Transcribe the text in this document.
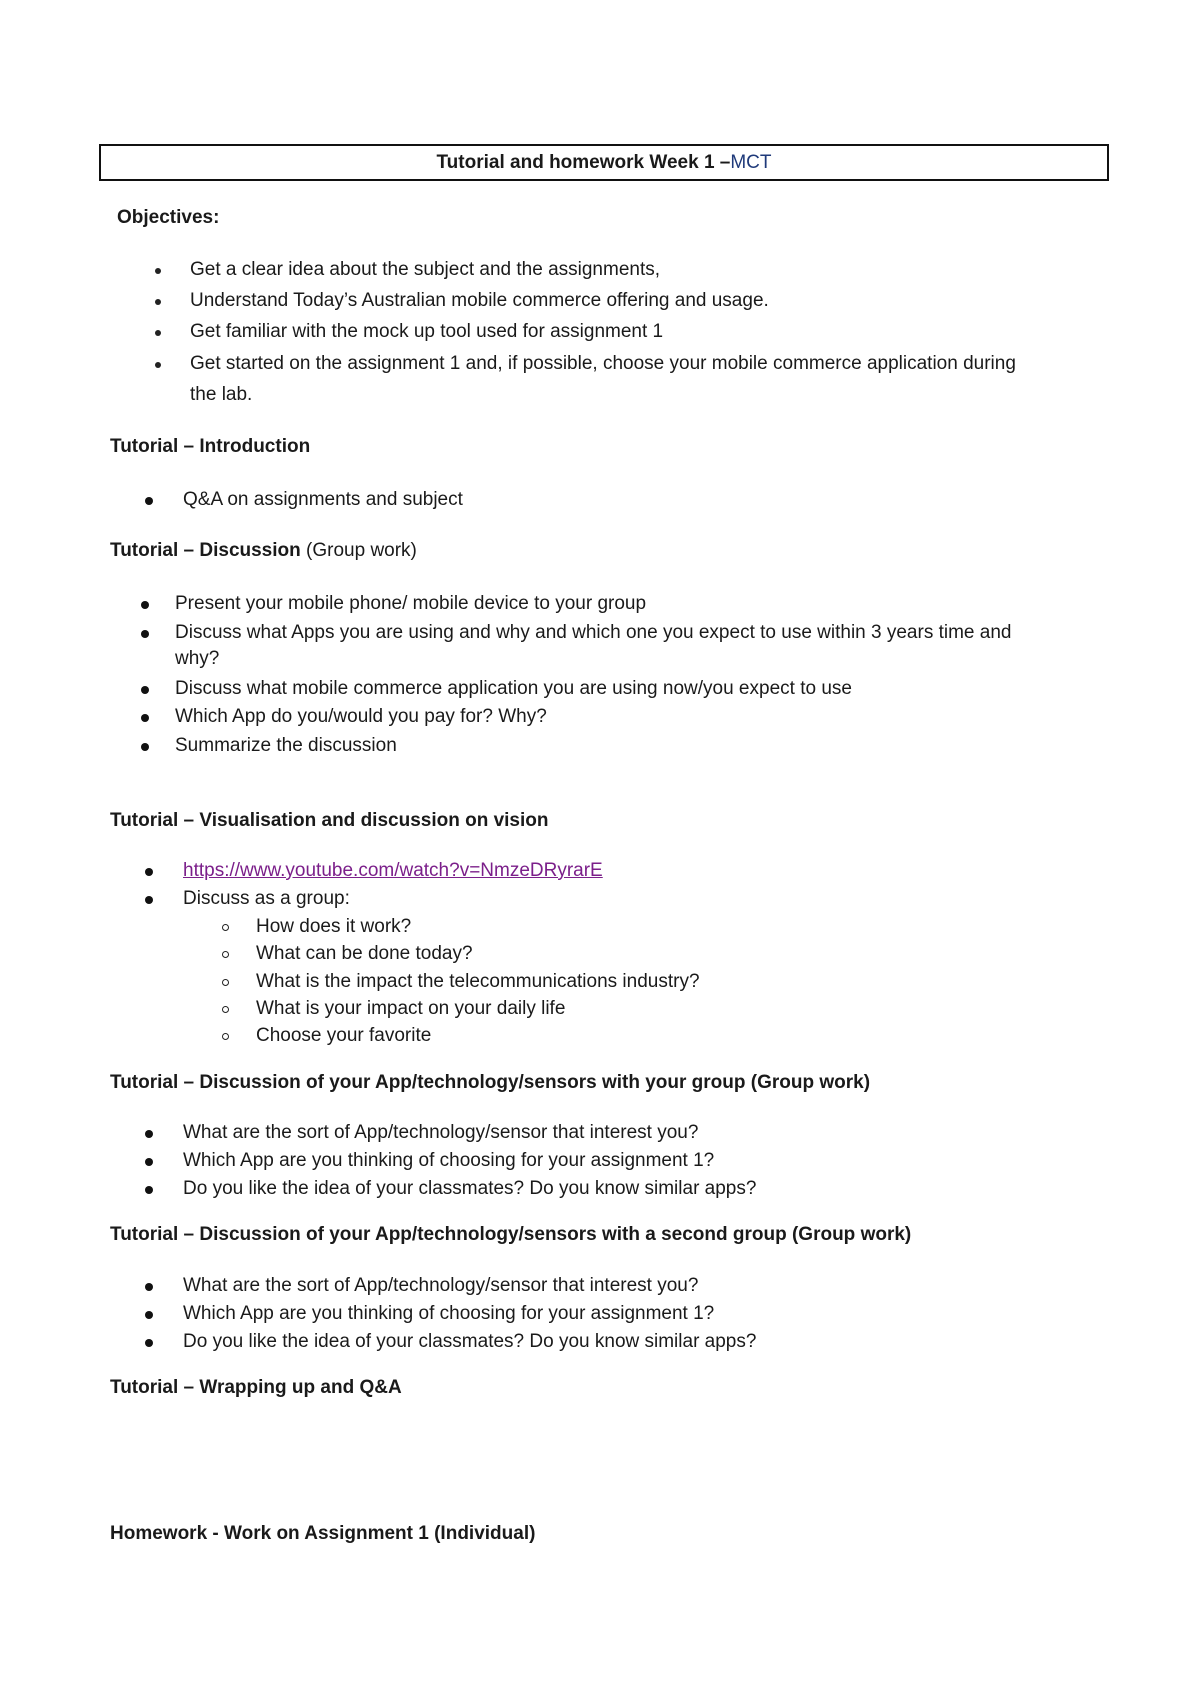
Tutorial and homework Week 1 – MCT
Objectives:
Get a clear idea about the subject and the assignments,
Understand Today’s Australian mobile commerce offering and usage.
Get familiar with the mock up tool used for assignment 1
Get started on the assignment 1 and, if possible, choose your mobile commerce application during
the lab.
Tutorial – Introduction
Q&A on assignments and subject
Tutorial – Discussion (Group work)
Present your mobile phone/ mobile device to your group
Discuss what Apps you are using and why and which one you expect to use within 3 years time and
why?
Discuss what mobile commerce application you are using now/you expect to use
Which App do you/would you pay for? Why?
Summarize the discussion
Tutorial – Visualisation and discussion on vision
https://www.youtube.com/watch?v=NmzeDRyrarE
Discuss as a group:
How does it work?
What can be done today?
What is the impact the telecommunications industry?
What is your impact on your daily life
Choose your favorite
Tutorial – Discussion of your App/technology/sensors with your group (Group work)
What are the sort of App/technology/sensor that interest you?
Which App are you thinking of choosing for your assignment 1?
Do you like the idea of your classmates? Do you know similar apps?
Tutorial – Discussion of your App/technology/sensors with a second group (Group work)
What are the sort of App/technology/sensor that interest you?
Which App are you thinking of choosing for your assignment 1?
Do you like the idea of your classmates? Do you know similar apps?
Tutorial – Wrapping up and Q&A
Homework - Work on Assignment 1 (Individual)
